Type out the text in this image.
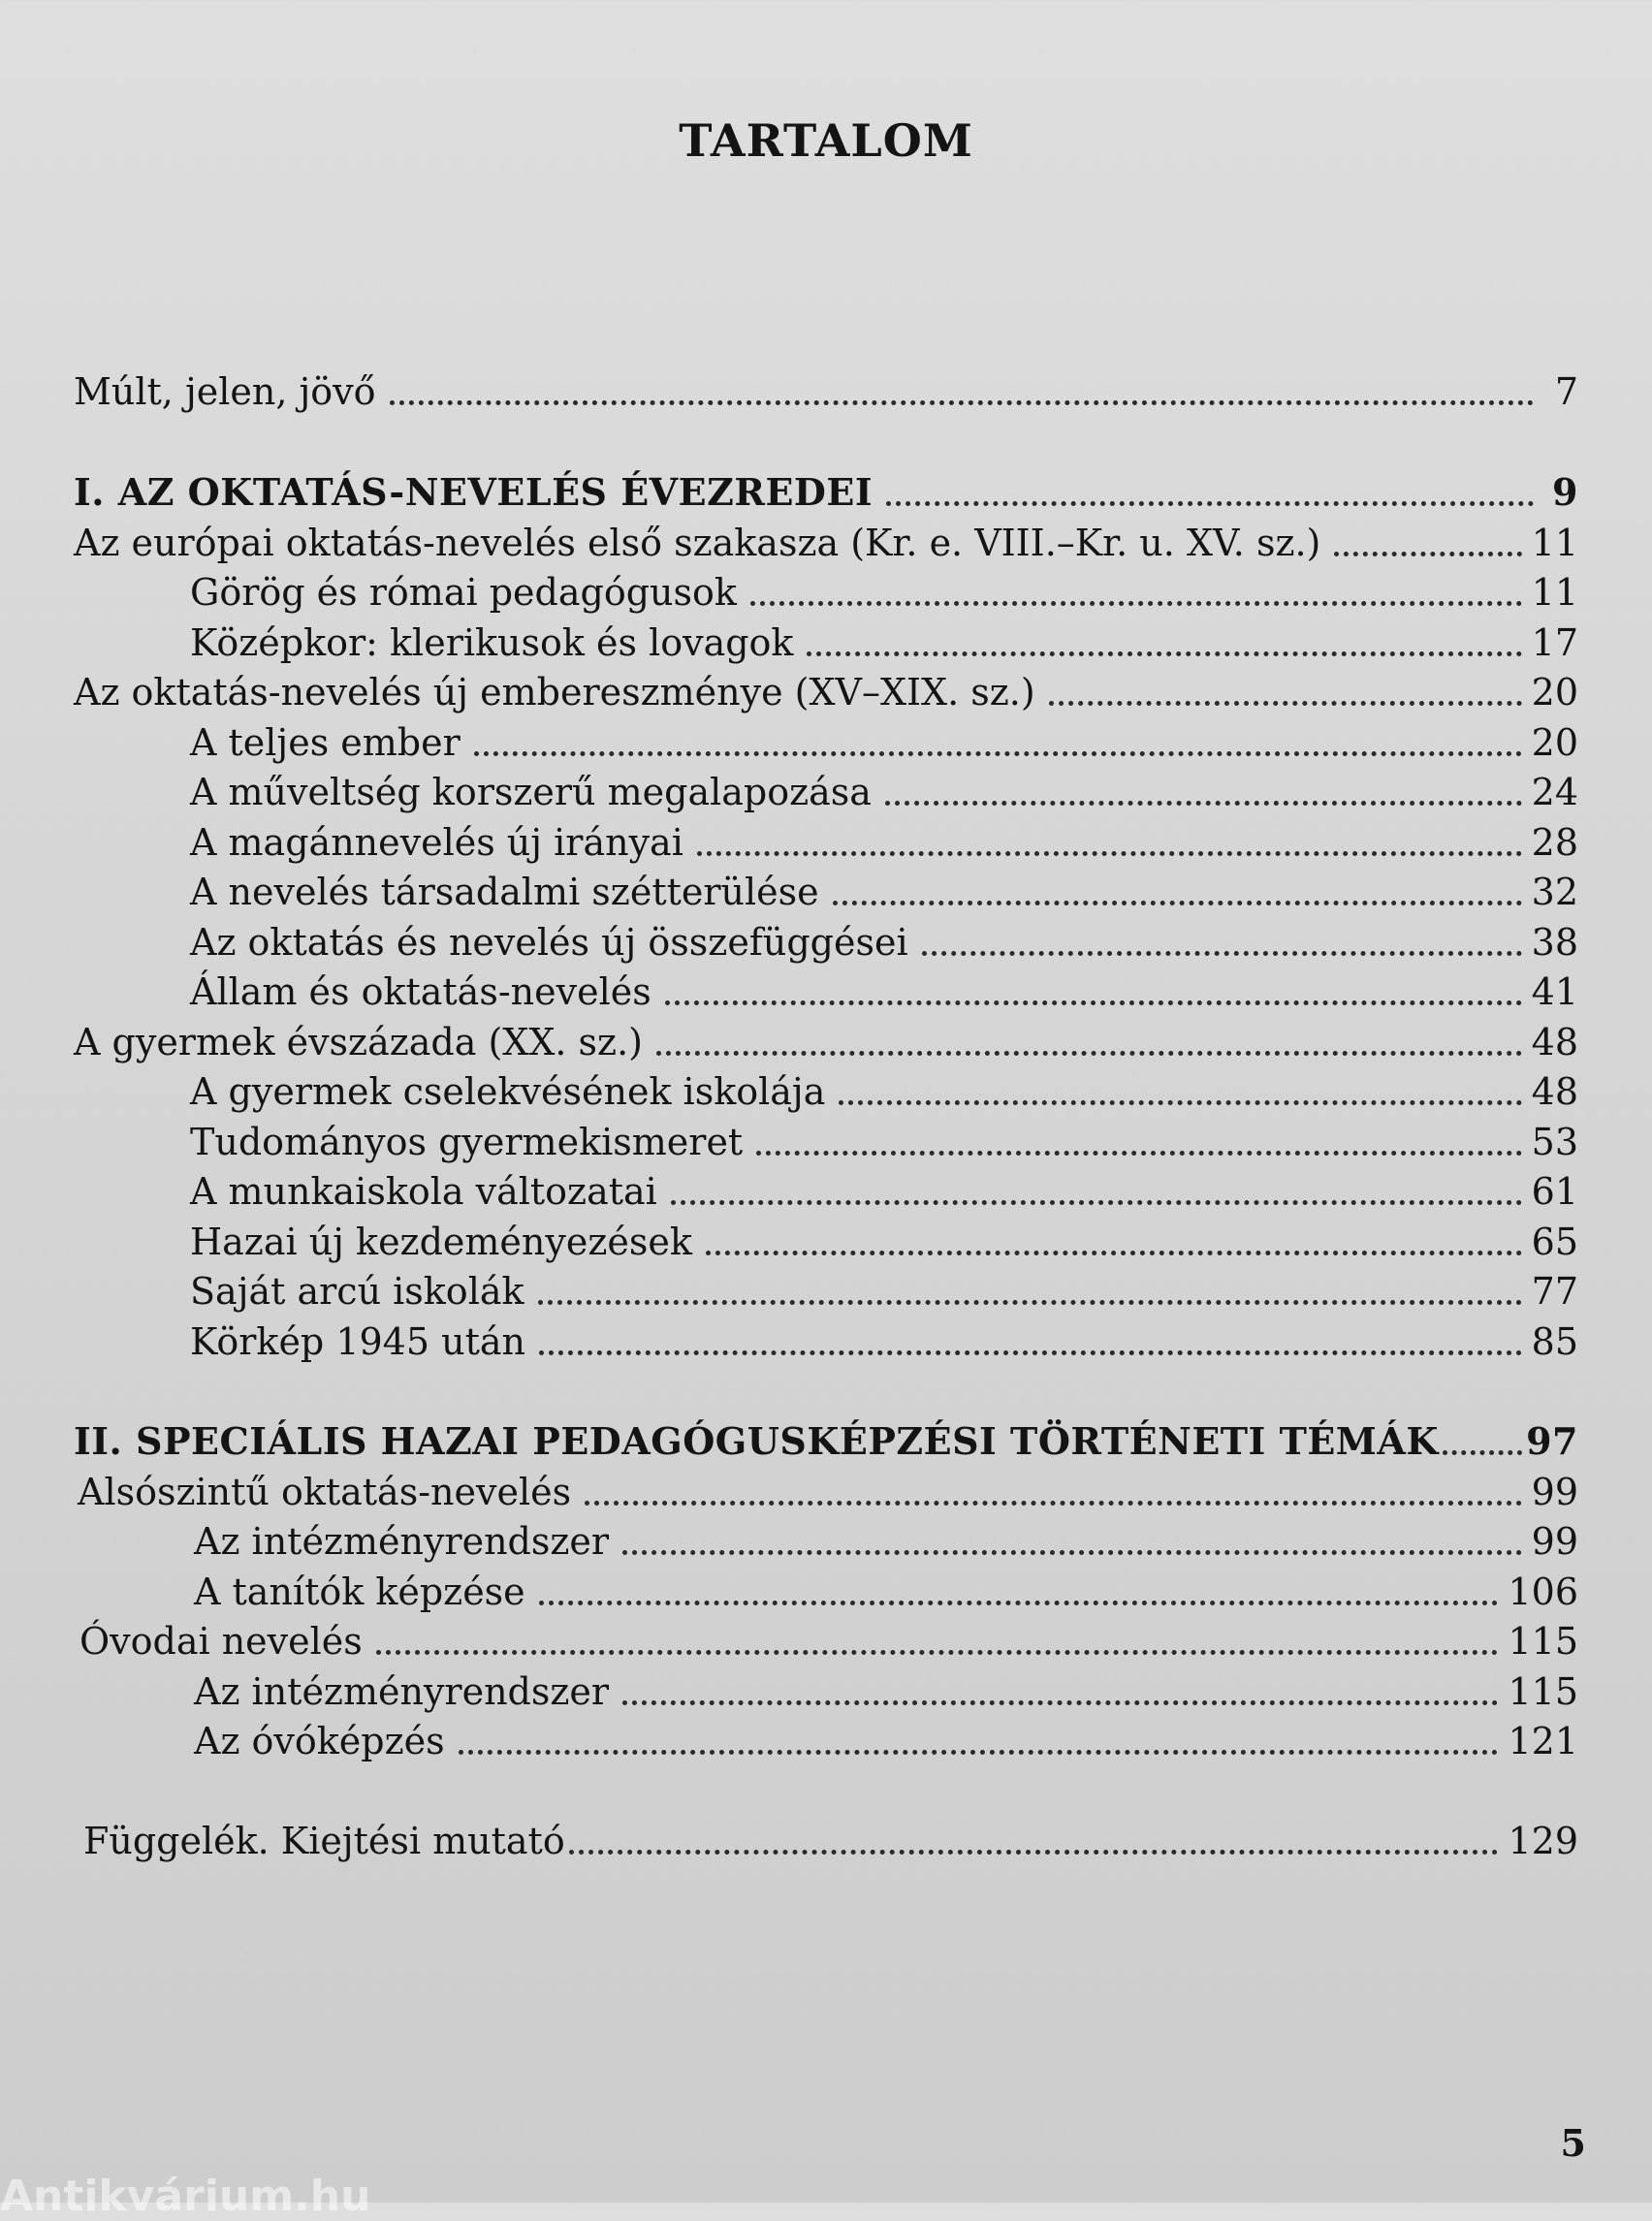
TARTALOM
Múlt, jelen, jövő	7
I. AZ OKTATÁS-NEVELÉS ÉVEZREDEI	9
Az európai oktatás-nevelés első szakasza (Kr. e. VIII.–Kr. u. XV. sz.)	11
Görög és római pedagógusok	11
Középkor: klerikusok és lovagok	17
Az oktatás-nevelés új embereszménye (XV–XIX. sz.)	20
A teljes ember	20
A műveltség korszerű megalapozása	24
A magánnevelés új irányai	28
A nevelés társadalmi szétterülése	32
Az oktatás és nevelés új összefüggései	38
Állam és oktatás-nevelés	41
A gyermek évszázada (XX. sz.)	48
A gyermek cselekvésének iskolája	48
Tudományos gyermekismeret	53
A munkaiskola változatai	61
Hazai új kezdeményezések	65
Saját arcú iskolák	77
Körkép 1945 után	85
II. SPECIÁLIS HAZAI PEDAGÓGUSKÉPZÉSI TÖRTÉNETI TÉMÁK 97
Alsószintű oktatás-nevelés	99
Az intézményrendszer	99
A tanítók képzése	106
Óvodai nevelés	115
Az intézményrendszer	115
Az óvóképzés	121
Függelék. Kiejtési mutató	129
5
Antikvárium.hu
